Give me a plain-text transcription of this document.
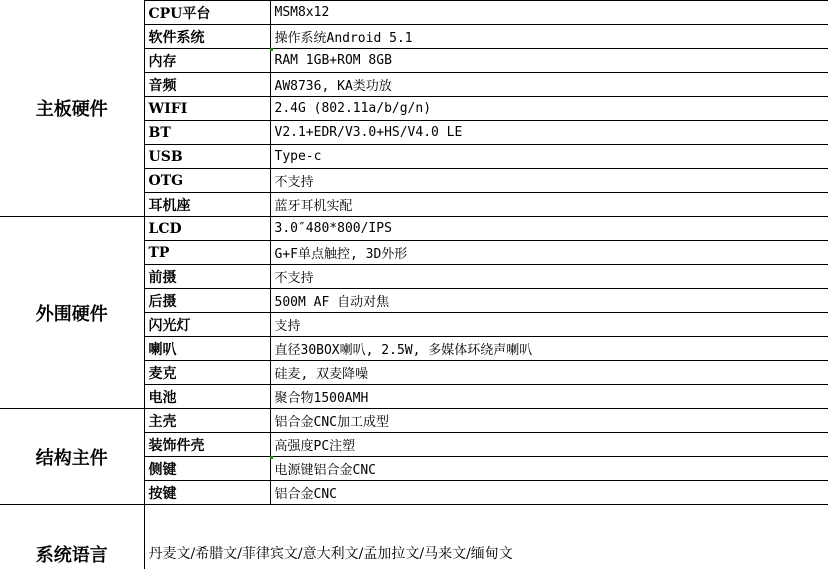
主板硬件	CPU平台	MSM8x12
	软件系统	操作系统Android 5.1
	内存	RAM 1GB+ROM 8GB
	音频	AW8736, KA类功放
	WIFI	2.4G (802.11a/b/g/n)
	BT	V2.1+EDR/V3.0+HS/V4.0 LE
	USB	Type-c
	OTG	不支持
	耳机座	蓝牙耳机实配
外围硬件	LCD	3.0″480*800/IPS
	TP	G+F单点触控, 3D外形
	前摄	不支持
	后摄	500M AF 自动对焦
	闪光灯	支持
	喇叭	直径30BOX喇叭, 2.5W, 多媒体环绕声喇叭
	麦克	硅麦, 双麦降噪
	电池	聚合物1500AMH
结构主件	主壳	铝合金CNC加工成型
	装饰件壳	高强度PC注塑
	侧键	电源键铝合金CNC
	按键	铝合金CNC
系统语言	丹麦文/希腊文/菲律宾文/意大利文/孟加拉文/马来文/缅甸文	
